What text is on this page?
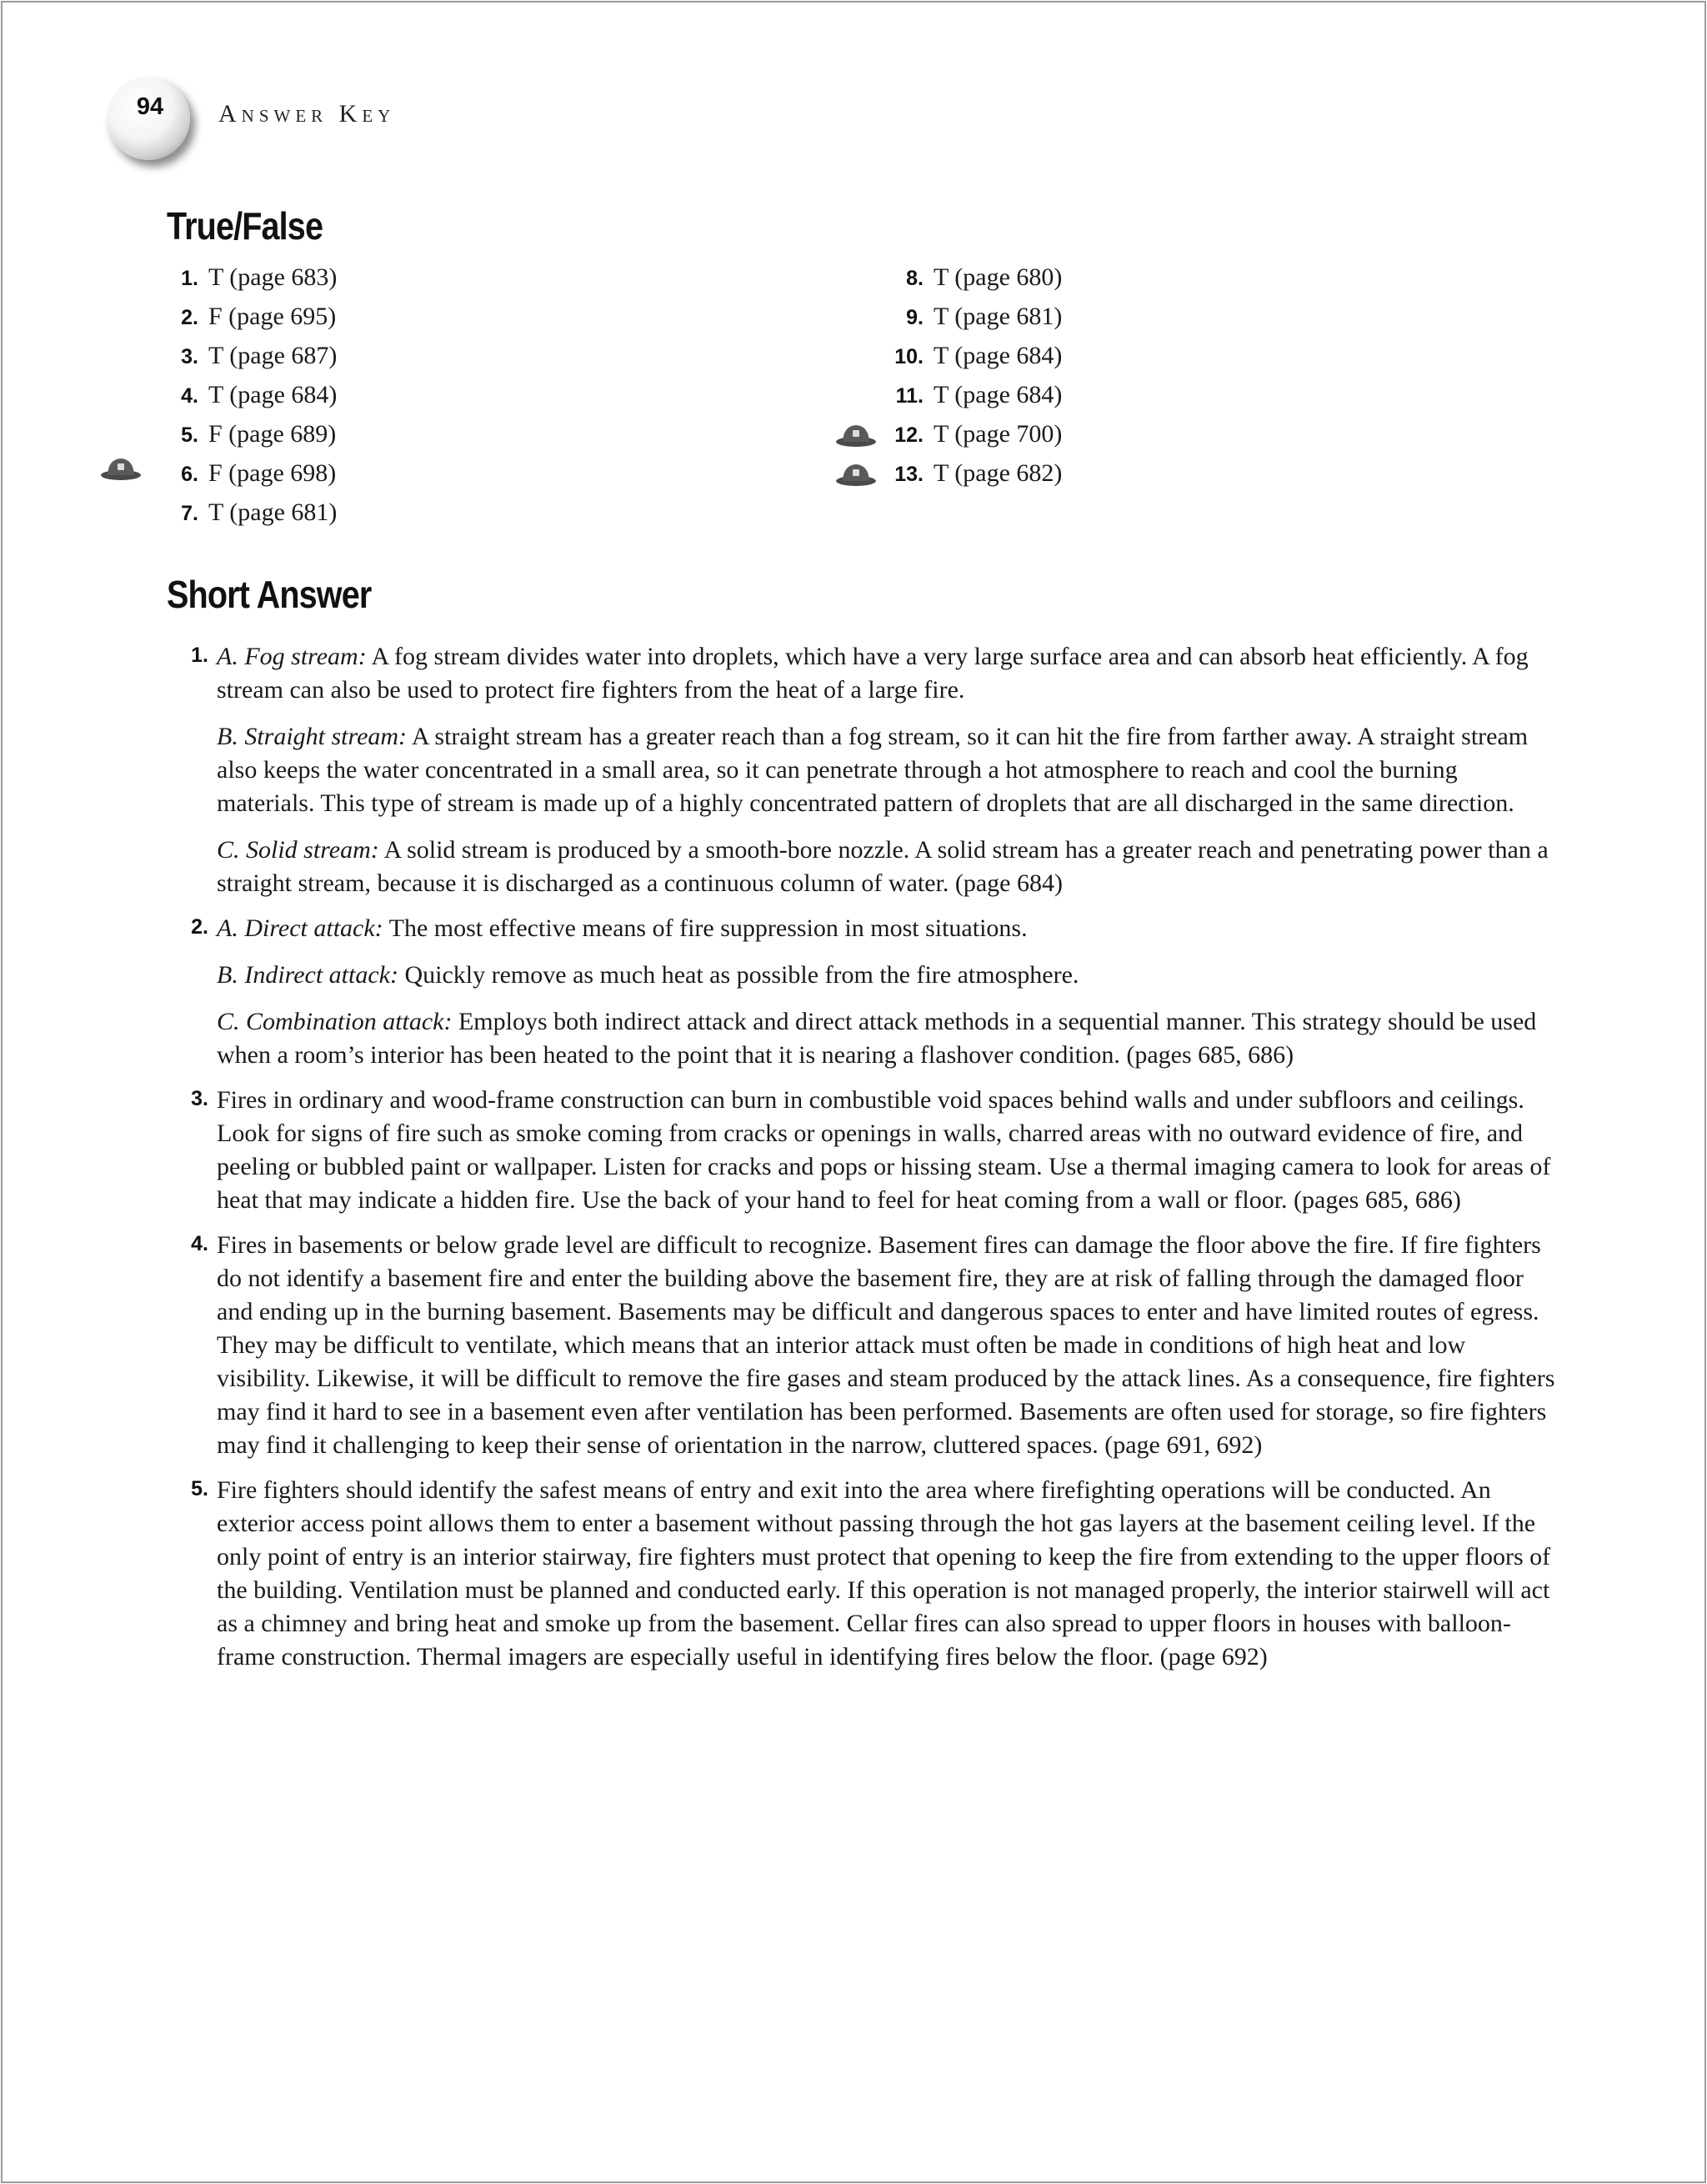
94	Answer Key
True/False
1. T (page 683)
2. F (page 695)
3. T (page 687)
4. T (page 684)
5. F (page 689)
6. F (page 698)
7. T (page 681)
8. T (page 680)
9. T (page 681)
10. T (page 684)
11. T (page 684)
12. T (page 700)
13. T (page 682)
Short Answer
1. A. Fog stream: A fog stream divides water into droplets, which have a very large surface area and can absorb heat efficiently. A fog stream can also be used to protect fire fighters from the heat of a large fire.

B. Straight stream: A straight stream has a greater reach than a fog stream, so it can hit the fire from farther away. A straight stream also keeps the water concentrated in a small area, so it can penetrate through a hot atmosphere to reach and cool the burning materials. This type of stream is made up of a highly concentrated pattern of droplets that are all discharged in the same direction.

C. Solid stream: A solid stream is produced by a smooth-bore nozzle. A solid stream has a greater reach and penetrating power than a straight stream, because it is discharged as a continuous column of water. (page 684)

2. A. Direct attack: The most effective means of fire suppression in most situations.

B. Indirect attack: Quickly remove as much heat as possible from the fire atmosphere.

C. Combination attack: Employs both indirect attack and direct attack methods in a sequential manner. This strategy should be used when a room’s interior has been heated to the point that it is nearing a flashover condition. (pages 685, 686)

3. Fires in ordinary and wood-frame construction can burn in combustible void spaces behind walls and under subfloors and ceilings. Look for signs of fire such as smoke coming from cracks or openings in walls, charred areas with no outward evidence of fire, and peeling or bubbled paint or wallpaper. Listen for cracks and pops or hissing steam. Use a thermal imaging camera to look for areas of heat that may indicate a hidden fire. Use the back of your hand to feel for heat coming from a wall or floor. (pages 685, 686)

4. Fires in basements or below grade level are difficult to recognize. Basement fires can damage the floor above the fire. If fire fighters do not identify a basement fire and enter the building above the basement fire, they are at risk of falling through the damaged floor and ending up in the burning basement. Basements may be difficult and dangerous spaces to enter and have limited routes of egress. They may be difficult to ventilate, which means that an interior attack must often be made in conditions of high heat and low visibility. Likewise, it will be difficult to remove the fire gases and steam produced by the attack lines. As a consequence, fire fighters may find it hard to see in a basement even after ventilation has been performed. Basements are often used for storage, so fire fighters may find it challenging to keep their sense of orientation in the narrow, cluttered spaces. (page 691, 692)

5. Fire fighters should identify the safest means of entry and exit into the area where firefighting operations will be conducted. An exterior access point allows them to enter a basement without passing through the hot gas layers at the basement ceiling level. If the only point of entry is an interior stairway, fire fighters must protect that opening to keep the fire from extending to the upper floors of the building. Ventilation must be planned and conducted early. If this operation is not managed properly, the interior stairwell will act as a chimney and bring heat and smoke up from the basement. Cellar fires can also spread to upper floors in houses with balloon-frame construction. Thermal imagers are especially useful in identifying fires below the floor. (page 692)
